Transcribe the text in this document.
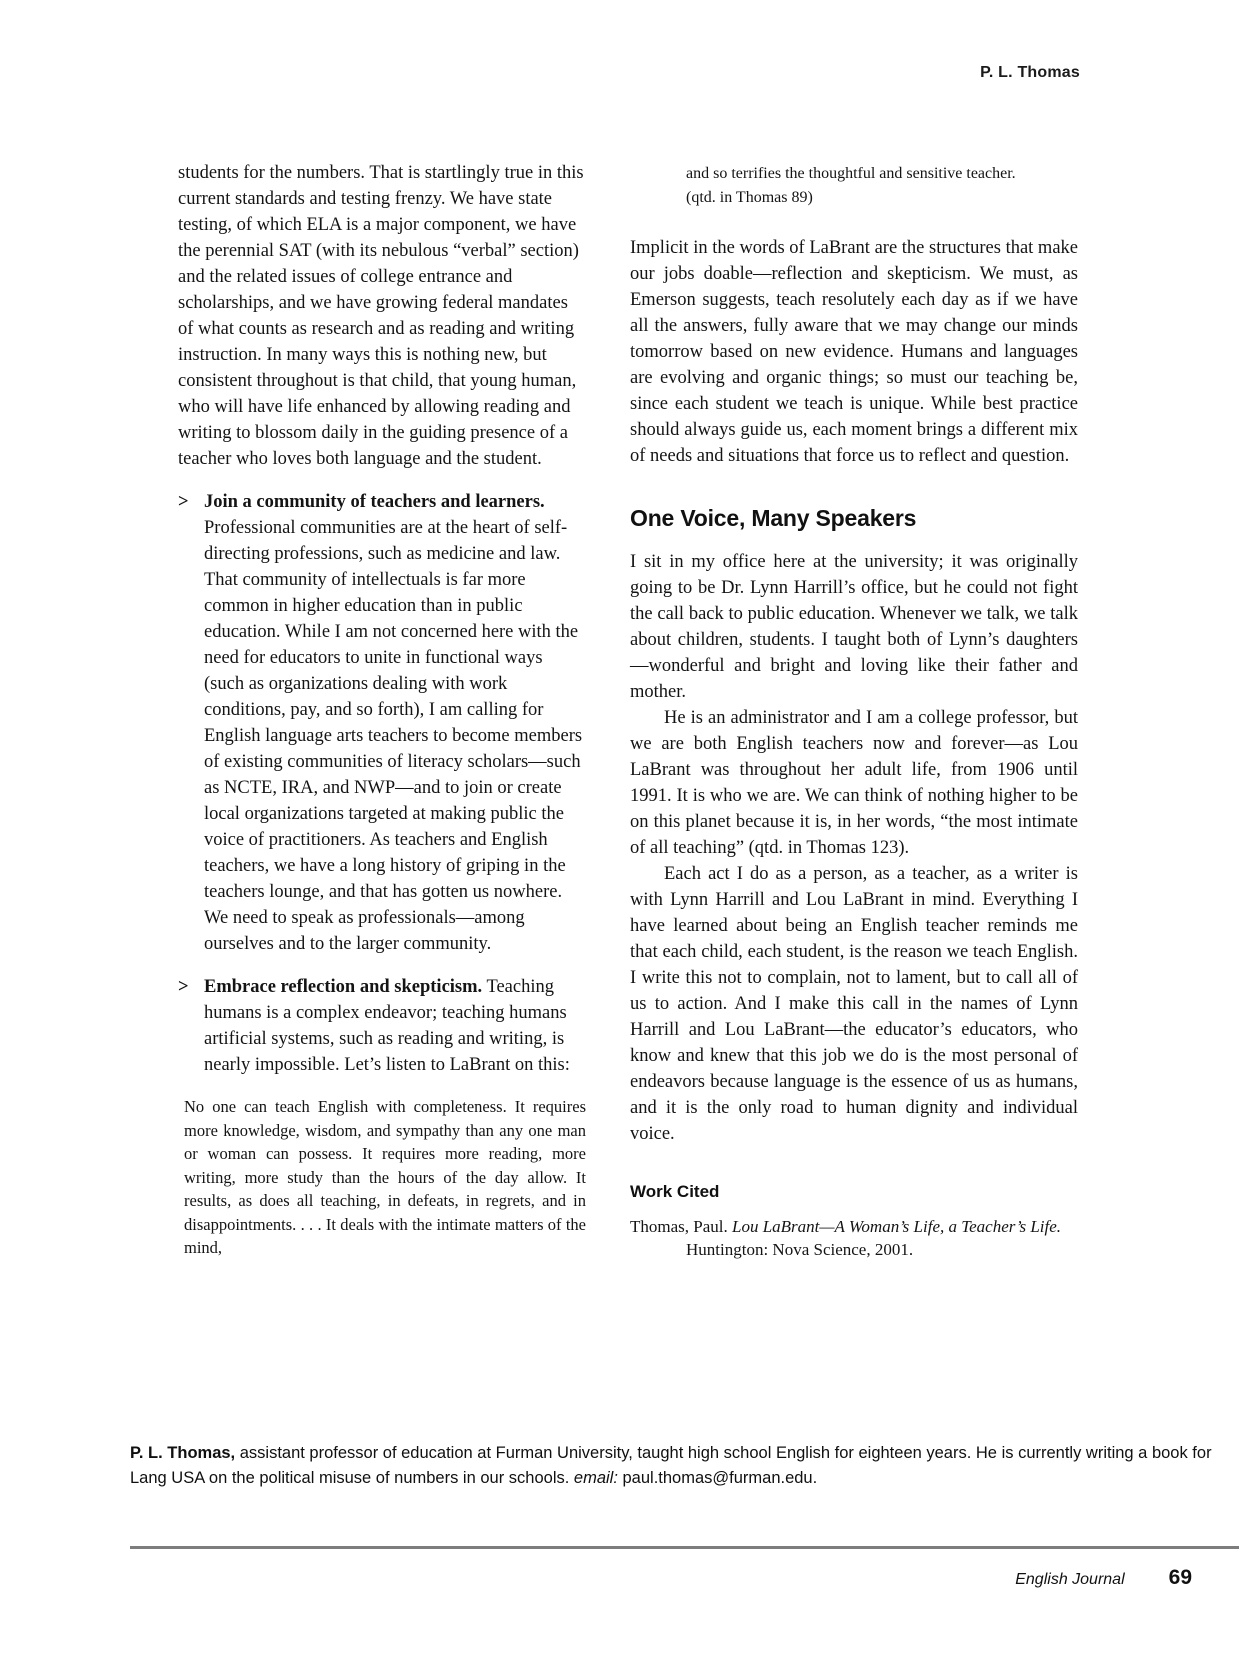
P. L. Thomas

students for the numbers. That is startlingly true in this current standards and testing frenzy. We have state testing, of which ELA is a major component, we have the perennial SAT (with its nebulous “verbal” section) and the related issues of college entrance and scholarships, and we have growing federal mandates of what counts as research and as reading and writing instruction. In many ways this is nothing new, but consistent throughout is that child, that young human, who will have life enhanced by allowing reading and writing to blossom daily in the guiding presence of a teacher who loves both language and the student.

> Join a community of teachers and learners. Professional communities are at the heart of self-directing professions, such as medicine and law. That community of intellectuals is far more common in higher education than in public education. While I am not concerned here with the need for educators to unite in functional ways (such as organizations dealing with work conditions, pay, and so forth), I am calling for English language arts teachers to become members of existing communities of literacy scholars—such as NCTE, IRA, and NWP—and to join or create local organizations targeted at making public the voice of practitioners. As teachers and English teachers, we have a long history of griping in the teachers lounge, and that has gotten us nowhere. We need to speak as professionals—among ourselves and to the larger community.
> Embrace reflection and skepticism. Teaching humans is a complex endeavor; teaching humans artificial systems, such as reading and writing, is nearly impossible. Let’s listen to LaBrant on this:
No one can teach English with completeness. It requires more knowledge, wisdom, and sympathy than any one man or woman can possess. It requires more reading, more writing, more study than the hours of the day allow. It results, as does all teaching, in defeats, in regrets, and in disappointments. . . . It deals with the intimate matters of the mind,
and so terrifies the thoughtful and sensitive teacher.
(qtd. in Thomas 89)

Implicit in the words of LaBrant are the structures that make our jobs doable—reflection and skepticism. We must, as Emerson suggests, teach resolutely each day as if we have all the answers, fully aware that we may change our minds tomorrow based on new evidence. Humans and languages are evolving and organic things; so must our teaching be, since each student we teach is unique. While best practice should always guide us, each moment brings a different mix of needs and situations that force us to reflect and question.

One Voice, Many Speakers

I sit in my office here at the university; it was originally going to be Dr. Lynn Harrill’s office, but he could not fight the call back to public education. Whenever we talk, we talk about children, students. I taught both of Lynn’s daughters—wonderful and bright and loving like their father and mother.

He is an administrator and I am a college professor, but we are both English teachers now and forever—as Lou LaBrant was throughout her adult life, from 1906 until 1991. It is who we are. We can think of nothing higher to be on this planet because it is, in her words, “the most intimate of all teaching” (qtd. in Thomas 123).

Each act I do as a person, as a teacher, as a writer is with Lynn Harrill and Lou LaBrant in mind. Everything I have learned about being an English teacher reminds me that each child, each student, is the reason we teach English. I write this not to complain, not to lament, but to call all of us to action. And I make this call in the names of Lynn Harrill and Lou LaBrant—the educator’s educators, who know and knew that this job we do is the most personal of endeavors because language is the essence of us as humans, and it is the only road to human dignity and individual voice.

Work Cited
Thomas, Paul. Lou LaBrant—A Woman’s Life, a Teacher’s Life. Huntington: Nova Science, 2001.
P. L. Thomas, assistant professor of education at Furman University, taught high school English for eighteen years. He is currently writing a book for Lang USA on the political misuse of numbers in our schools. email: paul.thomas@furman.edu.
English Journal 69
